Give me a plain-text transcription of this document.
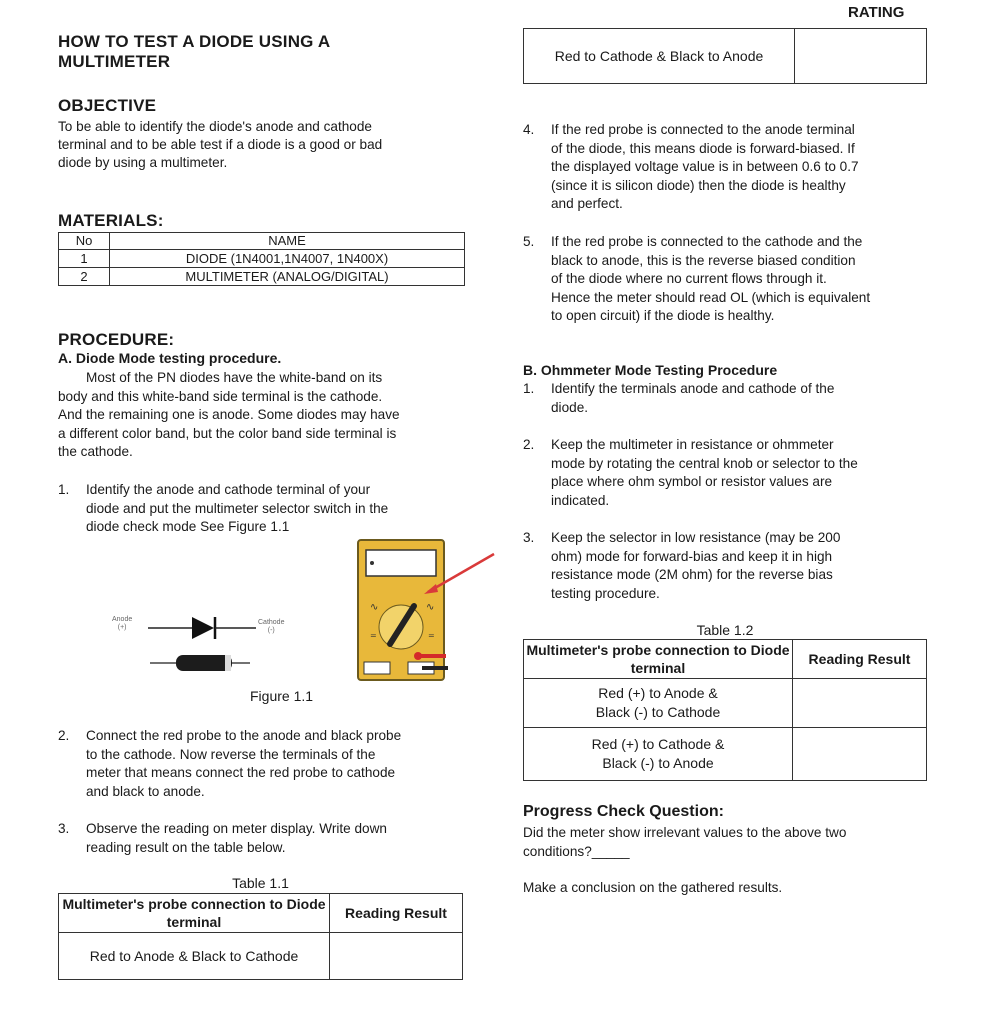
RATING
HOW TO TEST A DIODE USING A
MULTIMETER
OBJECTIVE
To be able to identify the diode's anode and cathode
terminal and to be able test if a diode is a good or bad
diode by using a multimeter.
MATERIALS:
No	NAME
1	DIODE (1N4001,1N4007, 1N400X)
2	MULTIMETER (ANALOG/DIGITAL)
PROCEDURE:
A. Diode Mode testing procedure.
Most of the PN diodes have the white-band on its
body and this white-band side terminal is the cathode.
And the remaining one is anode. Some diodes may have
a different color band, but the color band side terminal is
the cathode.
1. Identify the anode and cathode terminal of your
diode and put the multimeter selector switch in the
diode check mode See Figure 1.1
Anode
(+)
Cathode
(-)
∿	∿
=	=
Figure 1.1
2. Connect the red probe to the anode and black probe
to the cathode. Now reverse the terminals of the
meter that means connect the red probe to cathode
and black to anode.
3. Observe the reading on meter display. Write down
reading result on the table below.
Table 1.1
Multimeter's probe connection to Diode terminal	Reading Result
Red to Anode & Black to Cathode	
Red to Cathode & Black to Anode	
4. If the red probe is connected to the anode terminal
of the diode, this means diode is forward-biased. If
the displayed voltage value is in between 0.6 to 0.7
(since it is silicon diode) then the diode is healthy
and perfect.
5. If the red probe is connected to the cathode and the
black to anode, this is the reverse biased condition
of the diode where no current flows through it.
Hence the meter should read OL (which is equivalent
to open circuit) if the diode is healthy.
B. Ohmmeter Mode Testing Procedure
1. Identify the terminals anode and cathode of the
diode.
2. Keep the multimeter in resistance or ohmmeter
mode by rotating the central knob or selector to the
place where ohm symbol or resistor values are
indicated.
3. Keep the selector in low resistance (may be 200
ohm) mode for forward-bias and keep it in high
resistance mode (2M ohm) for the reverse bias
testing procedure.
Table 1.2
Multimeter's probe connection to Diode terminal	Reading Result

Red (+) to Anode &
Black (-) to Cathode	

Red (+) to Cathode &
Black (-) to Anode	

Progress Check Question:
Did the meter show irrelevant values to the above two
conditions?_____
Make a conclusion on the gathered results.
